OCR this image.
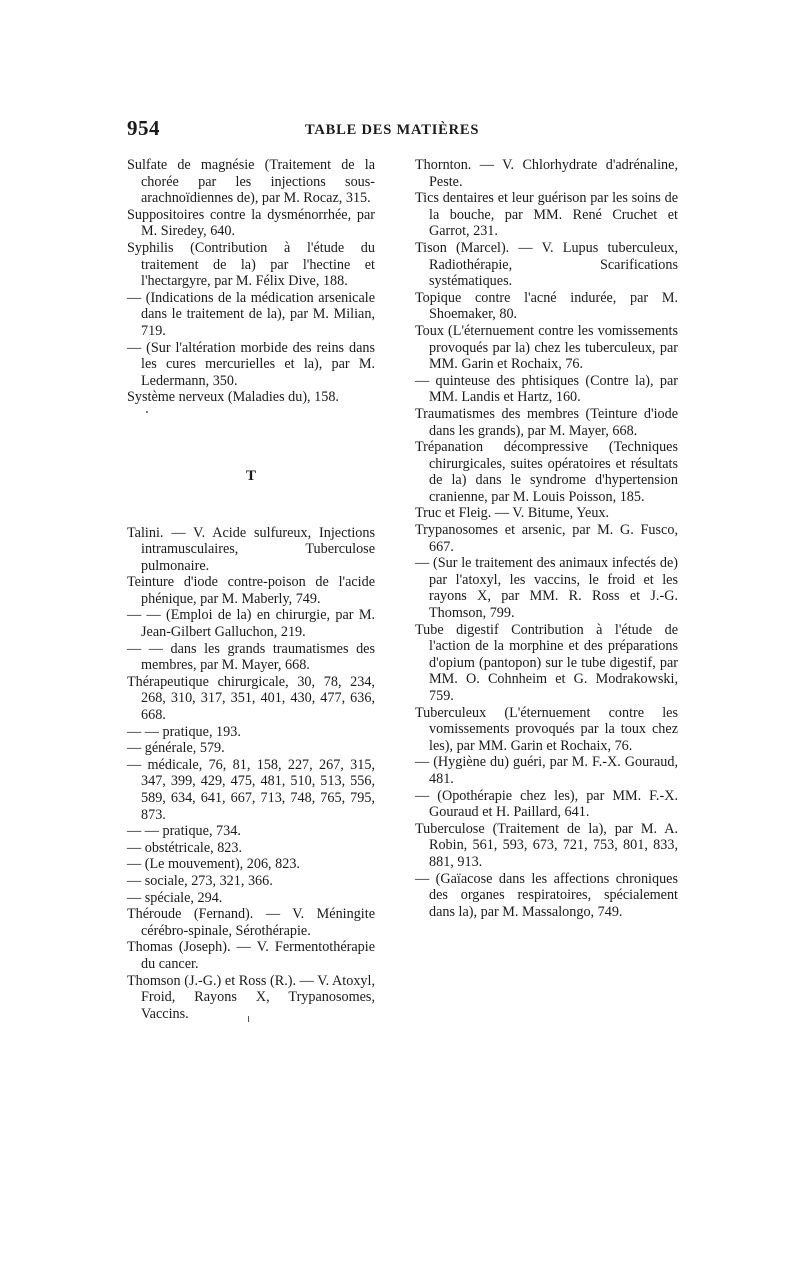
954	TABLE DES MATIÈRES

Sulfate de magnésie (Traitement de la chorée par les injections sous-arachnoïdiennes de), par M. Rocaz, 315.

Suppositoires contre la dysménorrhée, par M. Siredey, 640.

Syphilis (Contribution à l'étude du traitement de la) par l'hectine et l'hectargyre, par M. Félix Dive, 188.

— (Indications de la médication arsenicale dans le traitement de la), par M. Milian, 719.

— (Sur l'altération morbide des reins dans les cures mercurielles et la), par M. Ledermann, 350.

Système nerveux (Maladies du), 158.

T

Talini. — V. Acide sulfureux, Injections intramusculaires, Tuberculose pulmonaire.

Teinture d'iode contre-poison de l'acide phénique, par M. Maberly, 749.

— — (Emploi de la) en chirurgie, par M. Jean-Gilbert Galluchon, 219.

— — dans les grands traumatismes des membres, par M. Mayer, 668.

Thérapeutique chirurgicale, 30, 78, 234, 268, 310, 317, 351, 401, 430, 477, 636, 668.

— — pratique, 193.

— générale, 579.

— médicale, 76, 81, 158, 227, 267, 315, 347, 399, 429, 475, 481, 510, 513, 556, 589, 634, 641, 667, 713, 748, 765, 795, 873.

— — pratique, 734.

— obstétricale, 823.

— (Le mouvement), 206, 823.

— sociale, 273, 321, 366.

— spéciale, 294.

Théroude (Fernand). — V. Méningite cérébro-spinale, Sérothérapie.

Thomas (Joseph). — V. Fermentothérapie du cancer.

Thomson (J.-G.) et Ross (R.). — V. Atoxyl, Froid, Rayons X, Trypanosomes, Vaccins.

Thornton. — V. Chlorhydrate d'adrénaline, Peste.

Tics dentaires et leur guérison par les soins de la bouche, par MM. René Cruchet et Garrot, 231.

Tison (Marcel). — V. Lupus tuberculeux, Radiothérapie, Scarifications systématiques.

Topique contre l'acné indurée, par M. Shoemaker, 80.

Toux (L'éternuement contre les vomissements provoqués par la) chez les tuberculeux, par MM. Garin et Rochaix, 76.

— quinteuse des phtisiques (Contre la), par MM. Landis et Hartz, 160.

Traumatismes des membres (Teinture d'iode dans les grands), par M. Mayer, 668.

Trépanation décompressive (Techniques chirurgicales, suites opératoires et résultats de la) dans le syndrome d'hypertension cranienne, par M. Louis Poisson, 185.

Truc et Fleig. — V. Bitume, Yeux.

Trypanosomes et arsenic, par M. G. Fusco, 667.

— (Sur le traitement des animaux infectés de) par l'atoxyl, les vaccins, le froid et les rayons X, par MM. R. Ross et J.-G. Thomson, 799.

Tube digestif Contribution à l'étude de l'action de la morphine et des préparations d'opium (pantopon) sur le tube digestif, par MM. O. Cohnheim et G. Modrakowski, 759.

Tuberculeux (L'éternuement contre les vomissements provoqués par la toux chez les), par MM. Garin et Rochaix, 76.

— (Hygiène du) guéri, par M. F.-X. Gouraud, 481.

— (Opothérapie chez les), par MM. F.-X. Gouraud et H. Paillard, 641.

Tuberculose (Traitement de la), par M. A. Robin, 561, 593, 673, 721, 753, 801, 833, 881, 913.

— (Gaïacose dans les affections chroniques des organes respiratoires, spécialement dans la), par M. Massalongo, 749.
